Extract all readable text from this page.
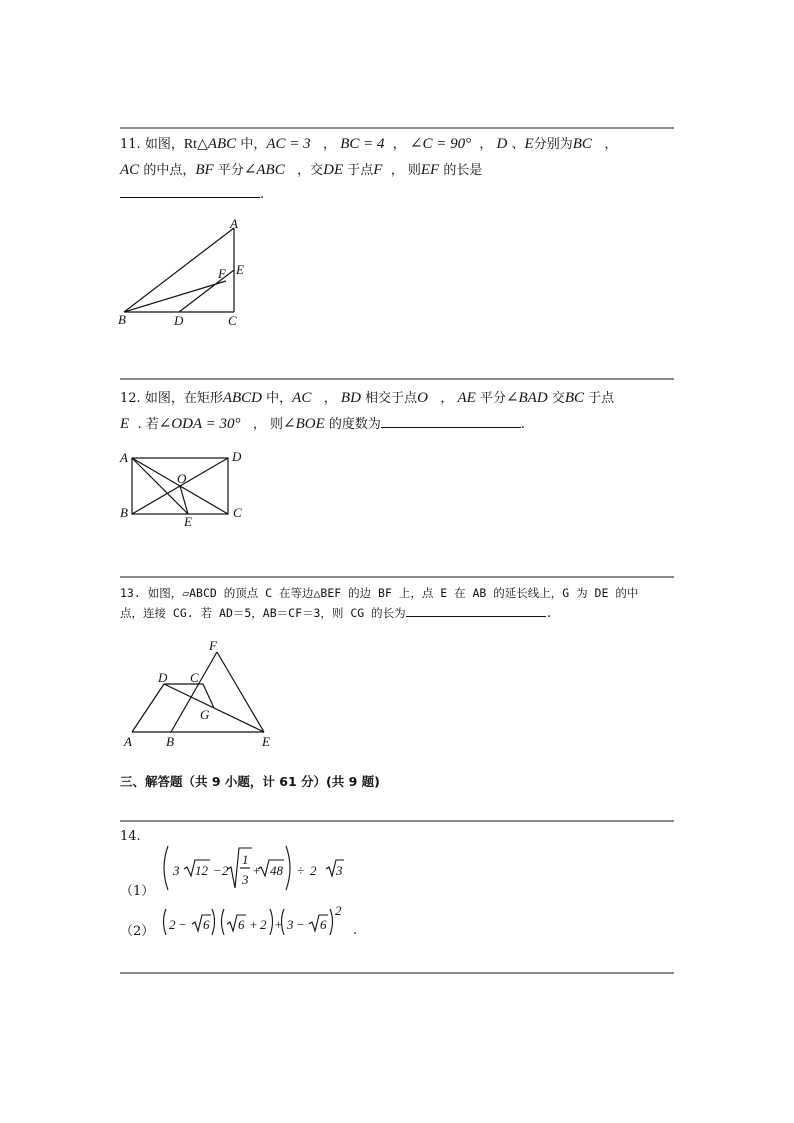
11. 如图，Rt△ABC 中，AC = 3 ， BC = 4 ， ∠C = 90° ， D 、E分别为BC ，
AC 的中点，BF 平分∠ABC ，交DE 于点F ， 则EF 的长是
.
A
E
F
B	D	C
12. 如图，在矩形ABCD 中，AC ， BD 相交于点O ， AE 平分∠BAD 交BC 于点
E . 若∠ODA = 30° ， 则∠BOE 的度数为	.
A	D
O
B
E
C
13. 如图，▱ABCD 的顶点 C 在等边△BEF 的边 BF 上，点 E 在 AB 的延长线上，G 为 DE 的中
点，连接 CG. 若 AD＝5，AB＝CF＝3，则 CG 的长为	.
F
D C
G
A	B	E
三、解答题（共 9 小题，计 61 分）(共 9 题)
14.
（1）
（2）
3 12 − 2
1
3
+ 48 ÷ 2 3
2 − 6 6 + 2 + 3 − 6
2
.
